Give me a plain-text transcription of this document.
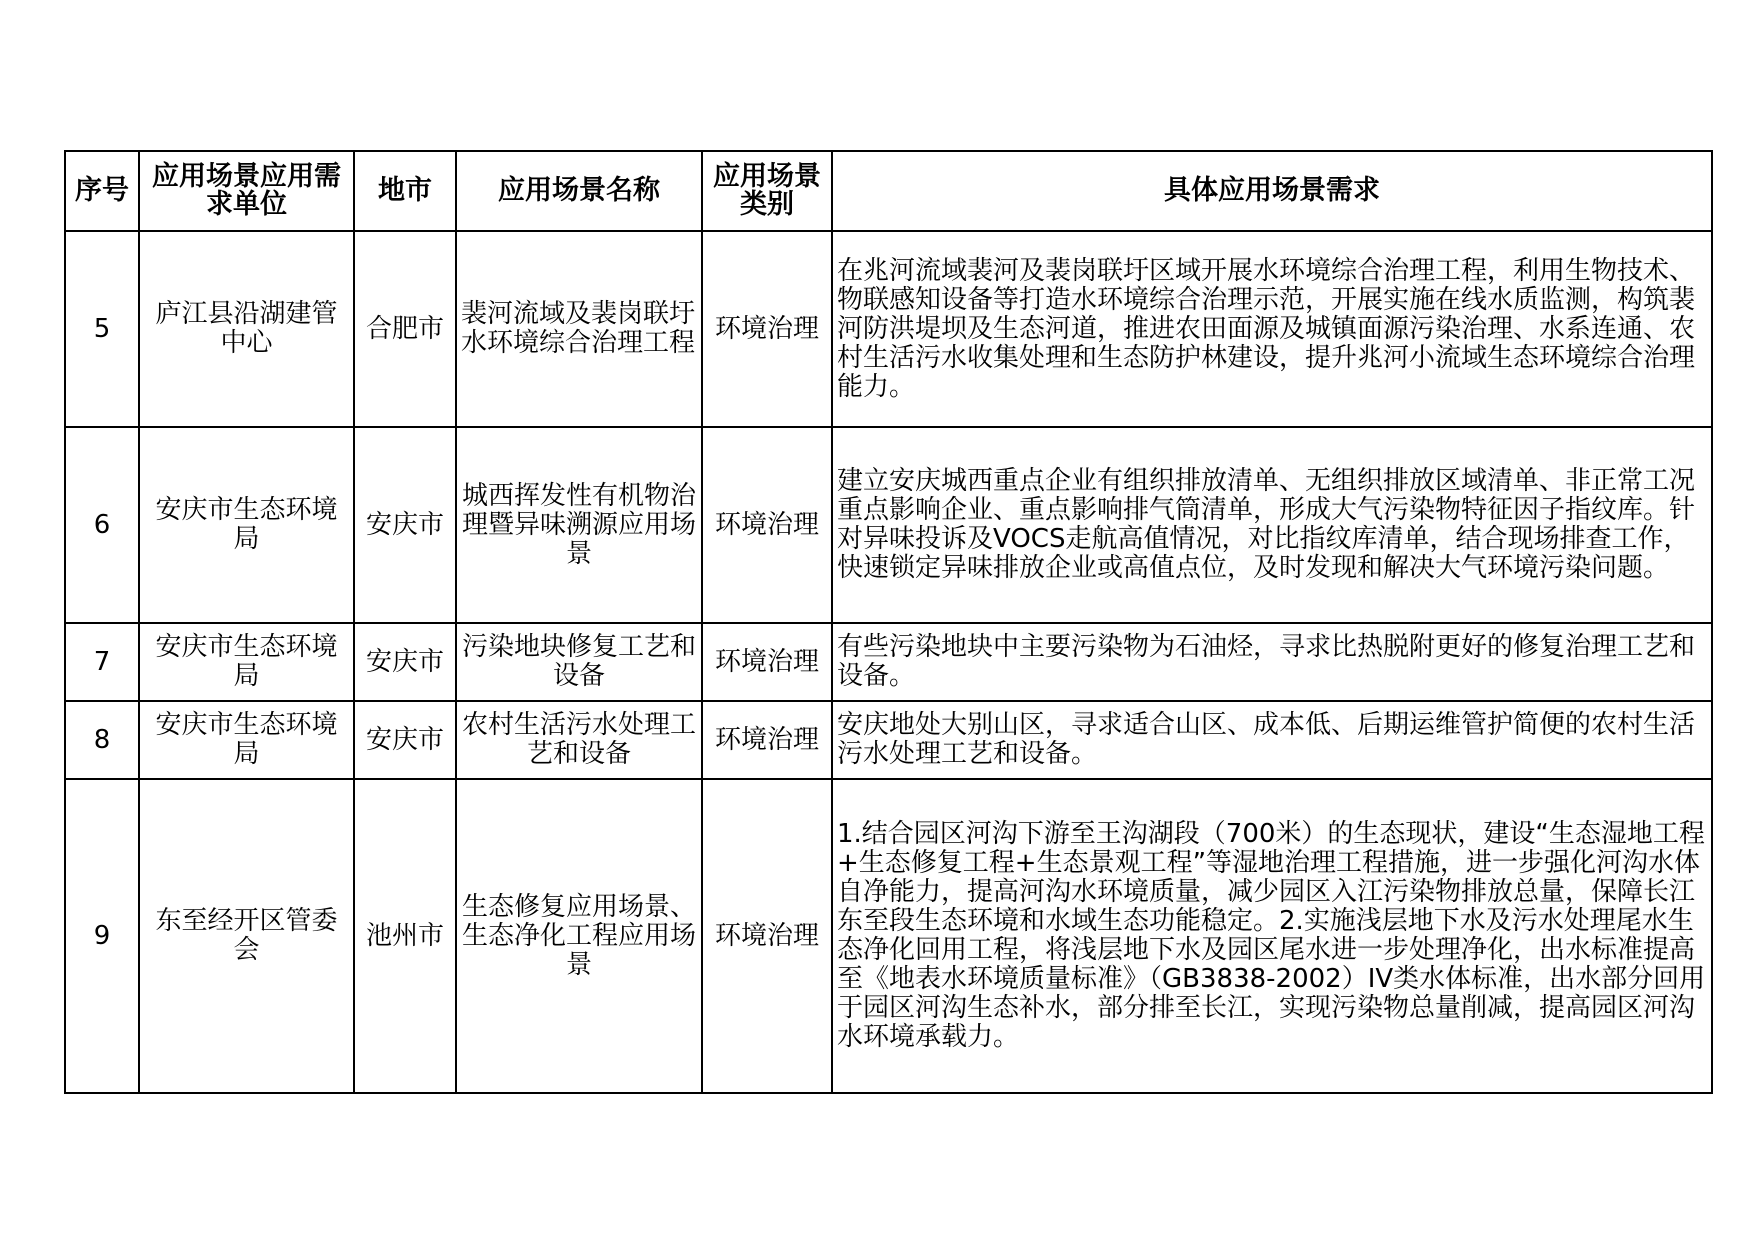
序号	应用场景应用需求单位	地市	应用场景名称	应用场景类别	具体应用场景需求
5	庐江县沿湖建管中心	合肥市	裴河流域及裴岗联圩水环境综合治理工程	环境治理	在兆河流域裴河及裴岗联圩区域开展水环境综合治理工程，利用生物技术、物联感知设备等打造水环境综合治理示范，开展实施在线水质监测，构筑裴河防洪堤坝及生态河道，推进农田面源及城镇面源污染治理、水系连通、农村生活污水收集处理和生态防护林建设，提升兆河小流域生态环境综合治理能力。
6	安庆市生态环境局	安庆市	城西挥发性有机物治理暨异味溯源应用场景	环境治理	建立安庆城西重点企业有组织排放清单、无组织排放区域清单、非正常工况重点影响企业、重点影响排气筒清单，形成大气污染物特征因子指纹库。针对异味投诉及VOCS走航高值情况，对比指纹库清单，结合现场排查工作，快速锁定异味排放企业或高值点位，及时发现和解决大气环境污染问题。
7	安庆市生态环境局	安庆市	污染地块修复工艺和设备	环境治理	有些污染地块中主要污染物为石油烃，寻求比热脱附更好的修复治理工艺和设备。
8	安庆市生态环境局	安庆市	农村生活污水处理工艺和设备	环境治理	安庆地处大别山区，寻求适合山区、成本低、后期运维管护简便的农村生活污水处理工艺和设备。
9	东至经开区管委会	池州市	生态修复应用场景、生态净化工程应用场景	环境治理	1.结合园区河沟下游至王沟湖段（700米）的生态现状，建设“生态湿地工程+生态修复工程+生态景观工程”等湿地治理工程措施，进一步强化河沟水体自净能力，提高河沟水环境质量，减少园区入江污染物排放总量，保障长江东至段生态环境和水域生态功能稳定。2.实施浅层地下水及污水处理尾水生态净化回用工程，将浅层地下水及园区尾水进一步处理净化，出水标准提高至《地表水环境质量标准》（GB3838-2002）IV类水体标准，出水部分回用于园区河沟生态补水，部分排至长江，实现污染物总量削减，提高园区河沟水环境承载力。
